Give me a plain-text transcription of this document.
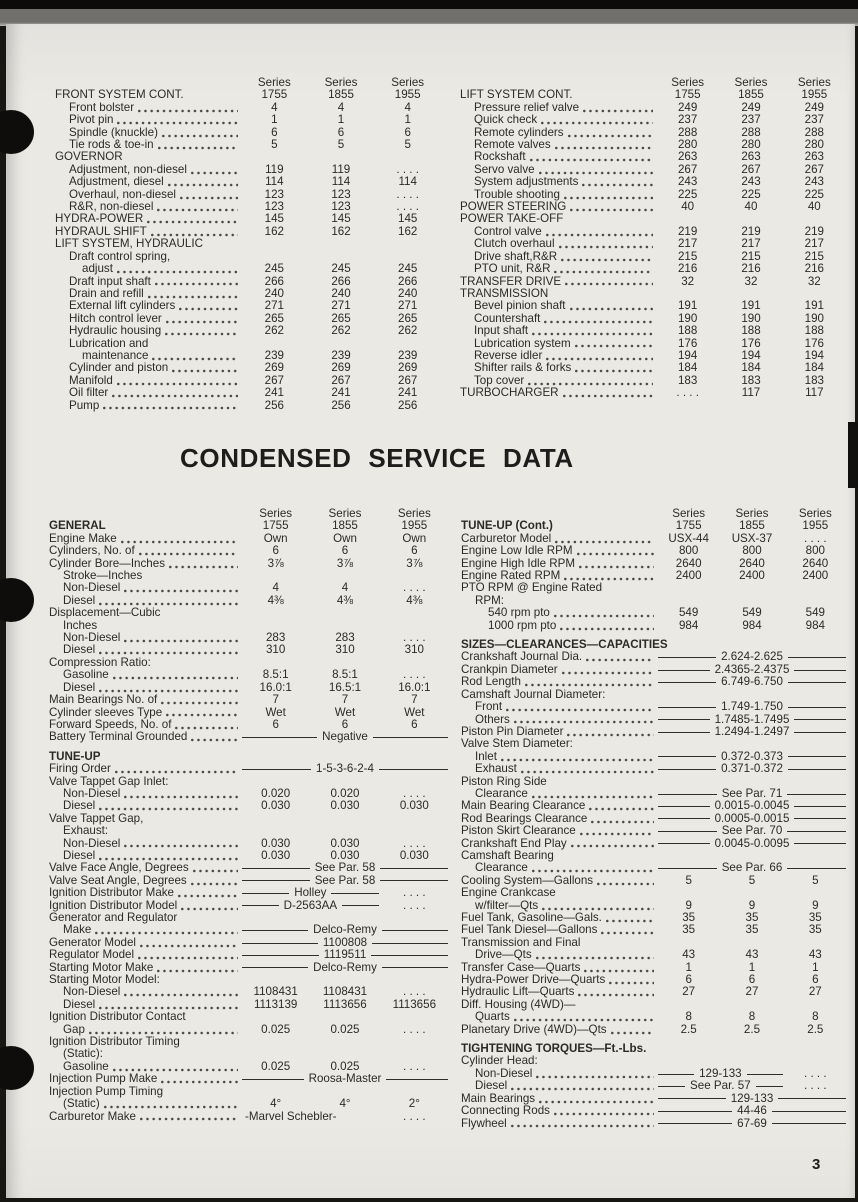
Series	Series	Series
FRONT SYSTEM CONT.	1755	1855	1955
Front bolster	4	4	4
Pivot pin	1	1	1
Spindle (knuckle)	6	6	6
Tie rods & toe-in	5	5	5
GOVERNOR
Adjustment, non-diesel	119	119	. . . .
Adjustment, diesel	114	114	114
Overhaul, non-diesel	123	123	. . . .
R&R, non-diesel	123	123	. . . .
HYDRA-POWER	145	145	145
HYDRAUL SHIFT	162	162	162
LIFT SYSTEM, HYDRAULIC
Draft control spring,
adjust	245	245	245
Draft input shaft	266	266	266
Drain and refill	240	240	240
External lift cylinders	271	271	271
Hitch control lever	265	265	265
Hydraulic housing	262	262	262
Lubrication and
maintenance	239	239	239
Cylinder and piston	269	269	269
Manifold	267	267	267
Oil filter	241	241	241
Pump	256	256	256
Series	Series	Series
LIFT SYSTEM CONT.	1755	1855	1955
Pressure relief valve	249	249	249
Quick check	237	237	237
Remote cylinders	288	288	288
Remote valves	280	280	280
Rockshaft	263	263	263
Servo valve	267	267	267
System adjustments	243	243	243
Trouble shooting	225	225	225
POWER STEERING	40	40	40
POWER TAKE-OFF
Control valve	219	219	219
Clutch overhaul	217	217	217
Drive shaft,R&R	215	215	215
PTO unit, R&R	216	216	216
TRANSFER DRIVE	32	32	32
TRANSMISSION
Bevel pinion shaft	191	191	191
Countershaft	190	190	190
Input shaft	188	188	188
Lubrication system	176	176	176
Reverse idler	194	194	194
Shifter rails & forks	184	184	184
Top cover	183	183	183
TURBOCHARGER	. . . .	117	117
CONDENSED SERVICE DATA
Series	Series	Series
GENERAL	1755	1855	1955
Engine Make	Own	Own	Own
Cylinders, No. of	6	6	6
Cylinder Bore—Inches	3⅞	3⅞	3⅞
Stroke—Inches
Non-Diesel	4	4	. . . .
Diesel	4⅜	4⅜	4⅜
Displacement—Cubic
Inches
Non-Diesel	283	283	. . . .
Diesel	310	310	310
Compression Ratio:
Gasoline	8.5:1	8.5:1	. . . .
Diesel	16.0:1	16.5:1	16.0:1
Main Bearings No. of	7	7	7
Cylinder sleeves Type	Wet	Wet	Wet
Forward Speeds, No. of	6	6	6
Battery Terminal Grounded	Negative
TUNE-UP
Firing Order	1-5-3-6-2-4
Valve Tappet Gap Inlet:
Non-Diesel	0.020	0.020	. . . .
Diesel	0.030	0.030	0.030
Valve Tappet Gap,
Exhaust:
Non-Diesel	0.030	0.030	. . . .
Diesel	0.030	0.030	0.030
Valve Face Angle, Degrees	See Par. 58
Valve Seat Angle, Degrees	See Par. 58
Ignition Distributor Make	Holley	. . . .
Ignition Distributor Model	D-2563AA	. . . .
Generator and Regulator
Make	Delco-Remy
Generator Model	1100808
Regulator Model	1119511
Starting Motor Make	Delco-Remy
Starting Motor Model:
Non-Diesel	1108431	1108431	. . . .
Diesel	1113139	1113656	1113656
Ignition Distributor Contact
Gap	0.025	0.025	. . . .
Ignition Distributor Timing
(Static):
Gasoline	0.025	0.025	. . . .
Injection Pump Make	Roosa-Master
Injection Pump Timing
(Static)	4°	4°	2°
Carburetor Make	-Marvel Schebler-	. . . .
Series	Series	Series
TUNE-UP (Cont.)	1755	1855	1955
Carburetor Model	USX-44	USX-37	. . . .
Engine Low Idle RPM	800	800	800
Engine High Idle RPM	2640	2640	2640
Engine Rated RPM	2400	2400	2400
PTO RPM @ Engine Rated
RPM:
540 rpm pto	549	549	549
1000 rpm pto	984	984	984
SIZES—CLEARANCES—CAPACITIES
Crankshaft Journal Dia.	2.624-2.625
Crankpin Diameter	2.4365-2.4375
Rod Length	6.749-6.750
Camshaft Journal Diameter:
Front	1.749-1.750
Others	1.7485-1.7495
Piston Pin Diameter	1.2494-1.2497
Valve Stem Diameter:
Inlet	0.372-0.373
Exhaust	0.371-0.372
Piston Ring Side
Clearance	See Par. 71
Main Bearing Clearance	0.0015-0.0045
Rod Bearings Clearance	0.0005-0.0015
Piston Skirt Clearance	See Par. 70
Crankshaft End Play	0.0045-0.0095
Camshaft Bearing
Clearance	See Par. 66
Cooling System—Gallons	5	5	5
Engine Crankcase
w/filter—Qts	9	9	9
Fuel Tank, Gasoline—Gals.	35	35	35
Fuel Tank Diesel—Gallons	35	35	35
Transmission and Final
Drive—Qts	43	43	43
Transfer Case—Quarts	1	1	1
Hydra-Power Drive—Quarts	6	6	6
Hydraulic Lift—Quarts	27	27	27
Diff. Housing (4WD)—
Quarts	8	8	8
Planetary Drive (4WD)—Qts	2.5	2.5	2.5
TIGHTENING TORQUES—Ft.-Lbs.
Cylinder Head:
Non-Diesel	129-133	. . . .
Diesel	See Par. 57	. . . .
Main Bearings	129-133
Connecting Rods	44-46
Flywheel	67-69
3
